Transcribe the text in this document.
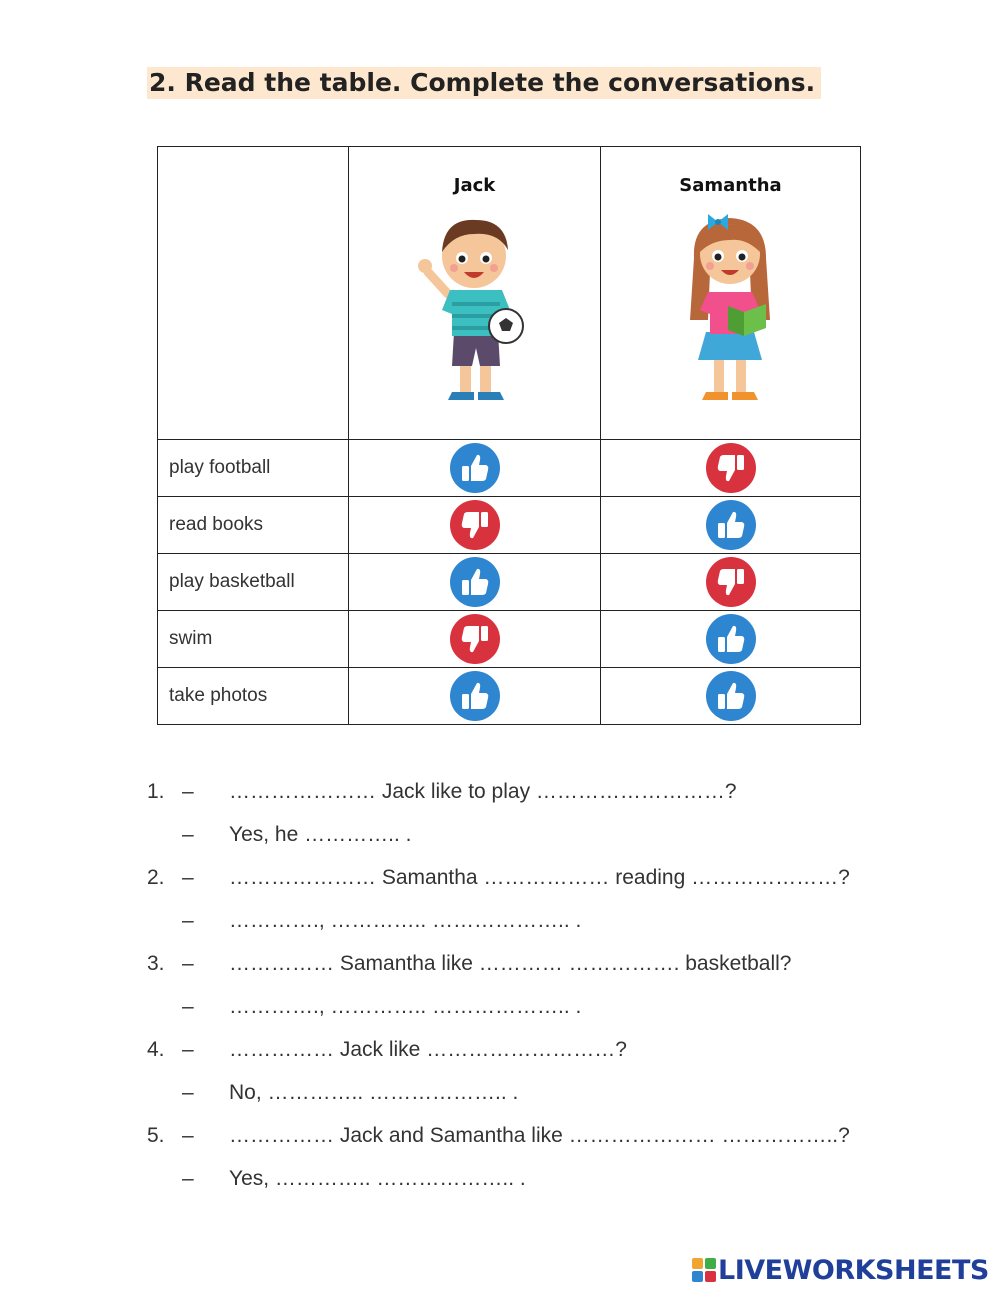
2. Read the table. Complete the conversations.

	Jack	Samantha

play football		
read books		
play basketball		
swim		
take photos		
1. – ………………… Jack like to play ………………………?
– Yes, he ………….. .
2. – ………………… Samantha ……………… reading …………………?
– …………., ………….. ……………….. .
3. – …………… Samantha like ………… ……………. basketball?
– …………., ………….. ……………….. .
4. – …………… Jack like ………………………?
– No, ………….. ……………….. .
5. – …………… Jack and Samantha like ………………… ……………..?
– Yes, ………….. ……………….. .
LIVEWORKSHEETS
